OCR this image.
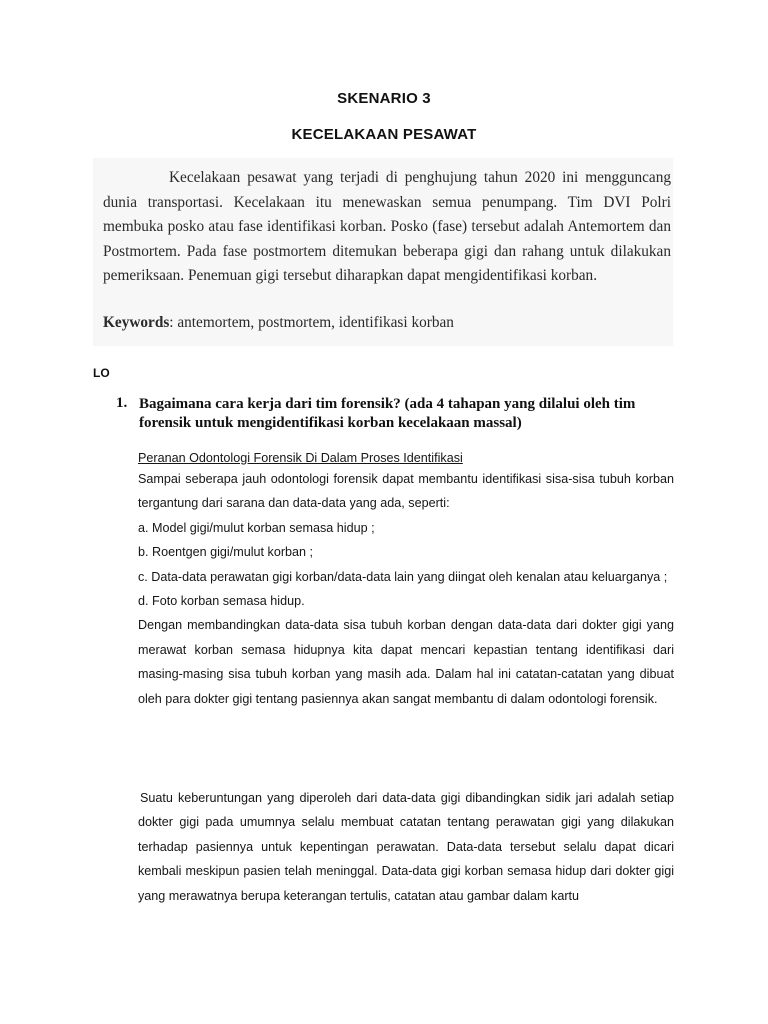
SKENARIO 3
KECELAKAAN PESAWAT
Kecelakaan pesawat yang terjadi di penghujung tahun 2020 ini mengguncang dunia transportasi. Kecelakaan itu menewaskan semua penumpang. Tim DVI Polri membuka posko atau fase identifikasi korban. Posko (fase) tersebut adalah Antemortem dan Postmortem. Pada fase postmortem ditemukan beberapa gigi dan rahang untuk dilakukan pemeriksaan. Penemuan gigi tersebut diharapkan dapat mengidentifikasi korban.
Keywords: antemortem, postmortem, identifikasi korban
LO
1. Bagaimana cara kerja dari tim forensik? (ada 4 tahapan yang dilalui oleh tim forensik untuk mengidentifikasi korban kecelakaan massal)
Peranan Odontologi Forensik Di Dalam Proses Identifikasi

Sampai seberapa jauh odontologi forensik dapat membantu identifikasi sisa-sisa tubuh korban tergantung dari sarana dan data-data yang ada, seperti:

a. Model gigi/mulut korban semasa hidup ;

b. Roentgen gigi/mulut korban ;

c. Data-data perawatan gigi korban/data-data lain yang diingat oleh kenalan atau keluarganya ;

d. Foto korban semasa hidup.

Dengan membandingkan data-data sisa tubuh korban dengan data-data dari dokter gigi yang merawat korban semasa hidupnya kita dapat mencari kepastian tentang identifikasi dari masing-masing sisa tubuh korban yang masih ada. Dalam hal ini catatan-catatan yang dibuat oleh para dokter gigi tentang pasiennya akan sangat membantu di dalam odontologi forensik.

Suatu keberuntungan yang diperoleh dari data-data gigi dibandingkan sidik jari adalah setiap dokter gigi pada umumnya selalu membuat catatan tentang perawatan gigi yang dilakukan terhadap pasiennya untuk kepentingan perawatan. Data-data tersebut selalu dapat dicari kembali meskipun pasien telah meninggal. Data-data gigi korban semasa hidup dari dokter gigi yang merawatnya berupa keterangan tertulis, catatan atau gambar dalam kartu
